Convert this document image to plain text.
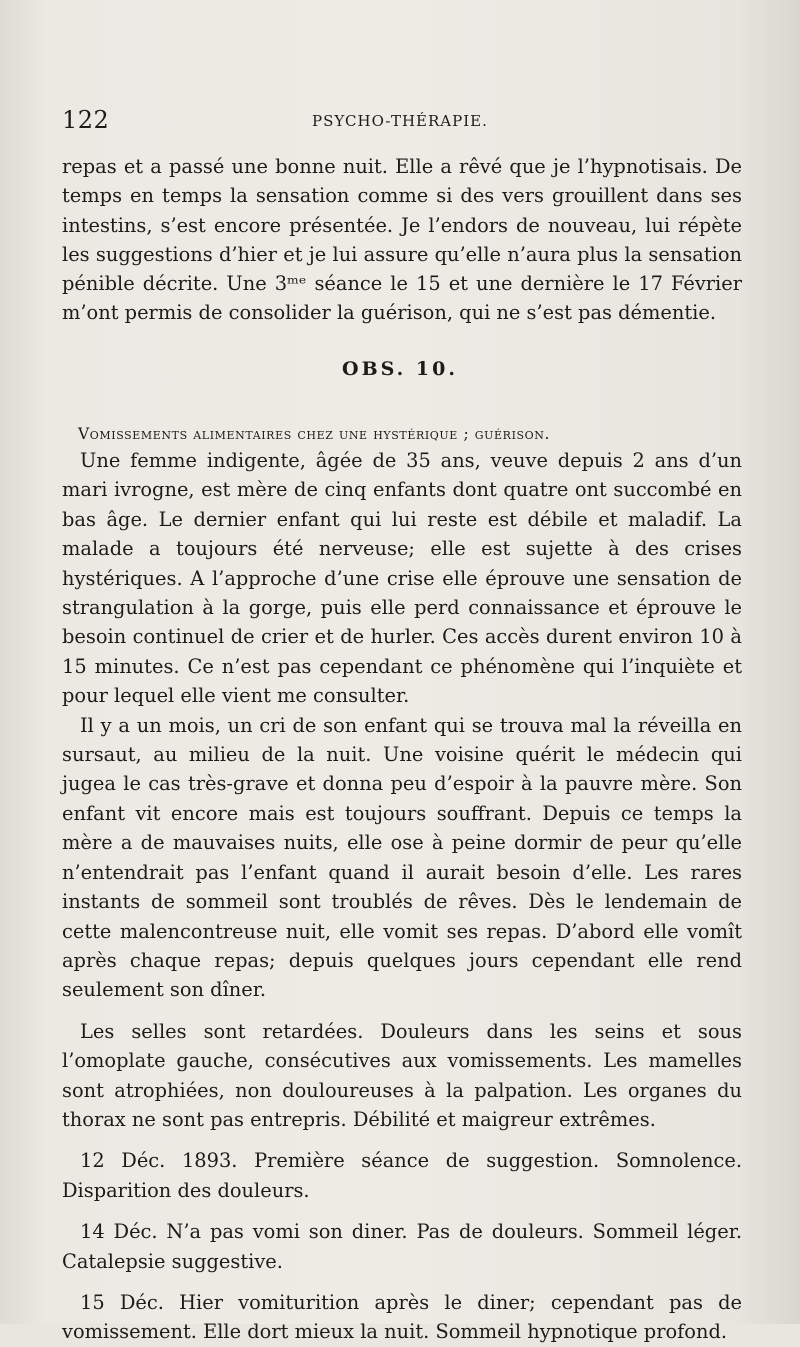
122	PSYCHO-THÉRAPIE.

repas et a passé une bonne nuit. Elle a rêvé que je l’hypnotisais. De temps en temps la sensation comme si des vers grouillent dans ses intestins, s’est encore présentée. Je l’endors de nouveau, lui répète les suggestions d’hier et je lui assure qu’elle n’aura plus la sensation pénible décrite. Une 3ᵐᵉ séance le 15 et une dernière le 17 Février m’ont permis de consolider la guérison, qui ne s’est pas démentie.

OBS. 10.
Vomissements alimentaires chez une hystérique ; guérison.

Une femme indigente, âgée de 35 ans, veuve depuis 2 ans d’un mari ivrogne, est mère de cinq enfants dont quatre ont succombé en bas âge. Le dernier enfant qui lui reste est débile et maladif. La malade a toujours été nerveuse; elle est sujette à des crises hystériques. A l’approche d’une crise elle éprouve une sensation de strangulation à la gorge, puis elle perd connaissance et éprouve le besoin continuel de crier et de hurler. Ces accès durent environ 10 à 15 minutes. Ce n’est pas cependant ce phénomène qui l’inquiète et pour lequel elle vient me consulter.

Il y a un mois, un cri de son enfant qui se trouva mal la réveilla en sursaut, au milieu de la nuit. Une voisine quérit le médecin qui jugea le cas très-grave et donna peu d’espoir à la pauvre mère. Son enfant vit encore mais est toujours souffrant. Depuis ce temps la mère a de mauvaises nuits, elle ose à peine dormir de peur qu’elle n’entendrait pas l’enfant quand il aurait besoin d’elle. Les rares instants de sommeil sont troublés de rêves. Dès le lendemain de cette malencontreuse nuit, elle vomit ses repas. D’abord elle vomît après chaque repas; depuis quelques jours cependant elle rend seulement son dîner.

Les selles sont retardées. Douleurs dans les seins et sous l’omoplate gauche, consécutives aux vomissements. Les mamelles sont atrophiées, non douloureuses à la palpation. Les organes du thorax ne sont pas entrepris. Débilité et maigreur extrêmes.

12 Déc. 1893. Première séance de suggestion. Somnolence. Disparition des douleurs.

14 Déc. N’a pas vomi son diner. Pas de douleurs. Sommeil léger. Catalepsie suggestive.

15 Déc. Hier vomiturition après le diner; cependant pas de vomissement. Elle dort mieux la nuit. Sommeil hypnotique profond.
